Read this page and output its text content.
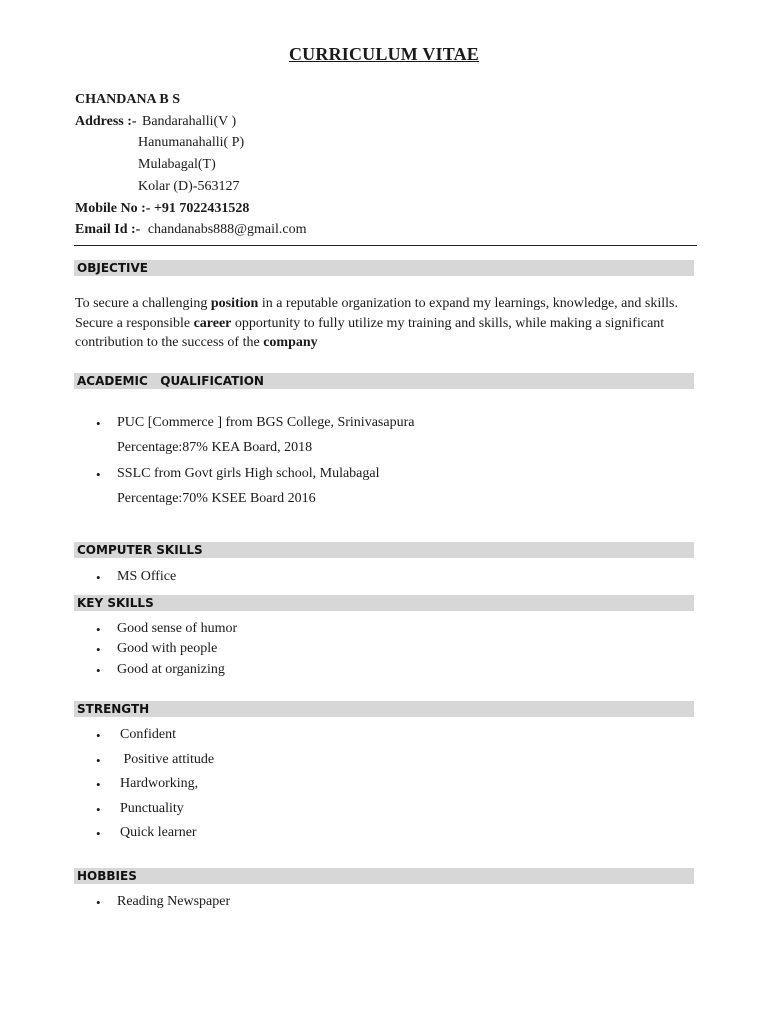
CURRICULUM VITAE
CHANDANA B S
Address :- Bandarahalli(V )
Hanumanahalli( P)
Mulabagal(T)
Kolar (D)-563127
Mobile No :- +91 7022431528
Email Id :- chandanabs888@gmail.com
OBJECTIVE
To secure a challenging position in a reputable organization to expand my learnings, knowledge, and skills.
Secure a responsible career opportunity to fully utilize my training and skills, while making a significant
contribution to the success of the company
ACADEMIC   QUALIFICATION
• PUC [Commerce ] from BGS College, Srinivasapura
Percentage:87% KEA Board, 2018
• SSLC from Govt girls High school, Mulabagal
Percentage:70% KSEE Board 2016
COMPUTER SKILLS
• MS Office
KEY SKILLS
• Good sense of humor
• Good with people
• Good at organizing
STRENGTH
• Confident
• Positive attitude
• Hardworking,
• Punctuality
• Quick learner
HOBBIES
• Reading Newspaper
